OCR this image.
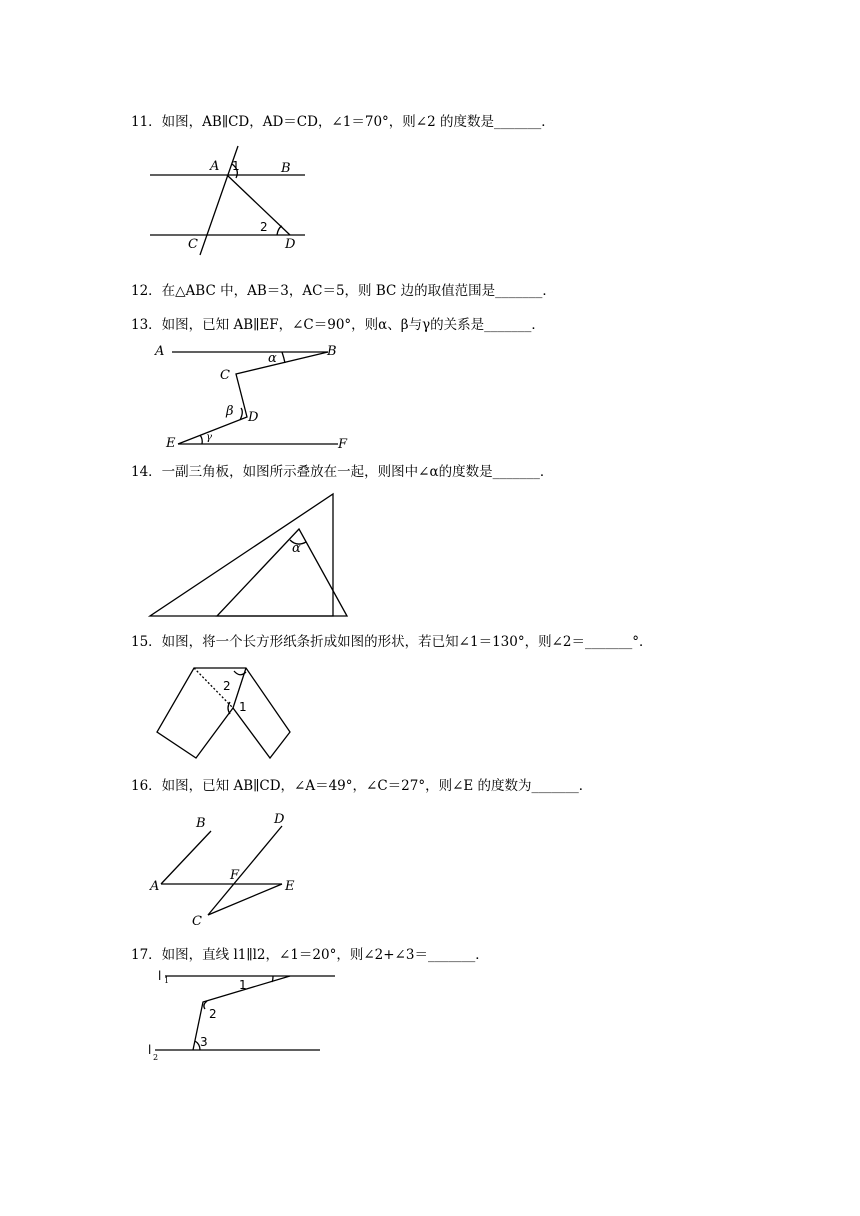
11．如图，AB∥CD，AD＝CD，∠1＝70°，则∠2 的度数是_______．
A 1	B
2
C	D
12．在△ABC 中，AB＝3，AC＝5，则 BC 边的取值范围是_______．
13．如图，已知 AB∥EF，∠C＝90°，则α、β与γ的关系是_______．
A	α	B
C
β D
E	γ	F
14．一副三角板，如图所示叠放在一起，则图中∠α的度数是_______．
α
15．如图，将一个长方形纸条折成如图的形状，若已知∠1＝130°，则∠2＝_______°．
2
1
16．如图，已知 AB∥CD，∠A＝49°，∠C＝27°，则∠E 的度数为_______．
A
B
C
D
E
F
17．如图，直线 l1∥l2，∠1＝20°，则∠2+∠3＝_______．
l 1	1
2
3
l
2
